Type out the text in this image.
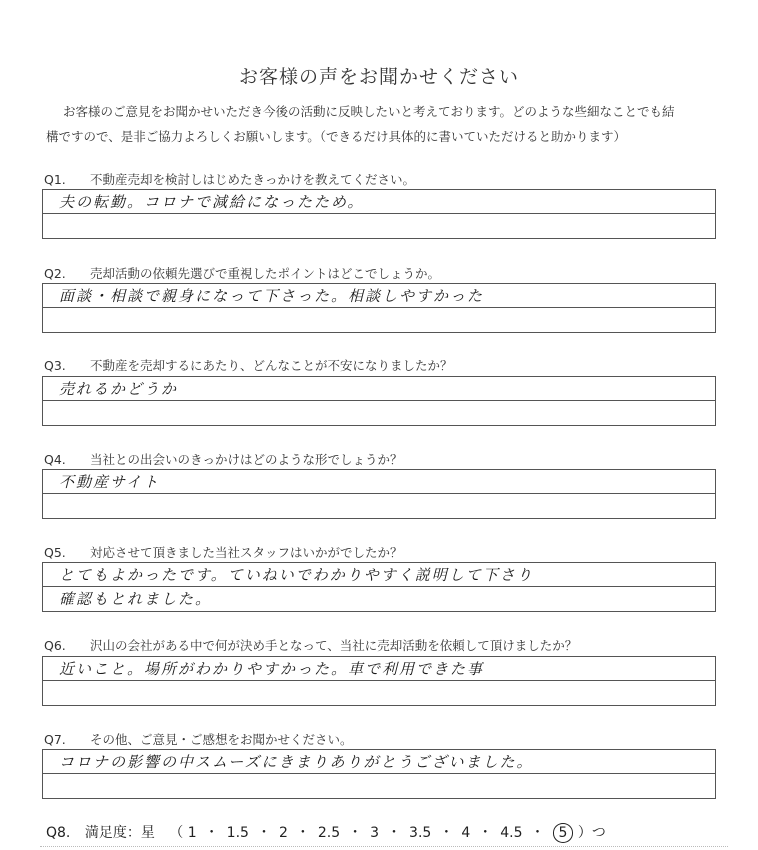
お客様の声をお聞かせください
お客様のご意見をお聞かせいただき今後の活動に反映したいと考えております。どのような些細なことでも結
構ですので、是非ご協力よろしくお願いします。（できるだけ具体的に書いていただけると助かります）
Q1. 不動産売却を検討しはじめたきっかけを教えてください。
夫の転勤。コロナで減給になったため。
Q2. 売却活動の依頼先選びで重視したポイントはどこでしょうか。
面談・相談で親身になって下さった。相談しやすかった
Q3. 不動産を売却するにあたり、どんなことが不安になりましたか？
売れるかどうか
Q4. 当社との出会いのきっかけはどのような形でしょうか？
不動産サイト
Q5. 対応させて頂きました当社スタッフはいかがでしたか？
とてもよかったです。ていねいでわかりやすく説明して下さり
確認もとれました。
Q6. 沢山の会社がある中で何が決め手となって、当社に売却活動を依頼して頂けましたか？
近いこと。場所がわかりやすかった。車で利用できた事
Q7. その他、ご意見・ご感想をお聞かせください。
コロナの影響の中スムーズにきまりありがとうございました。
Q8. 満足度：星 （ 1 ・ 1.5 ・ 2 ・ 2.5 ・ 3 ・ 3.5 ・ 4 ・ 4.5 ・ 5 ）つ
